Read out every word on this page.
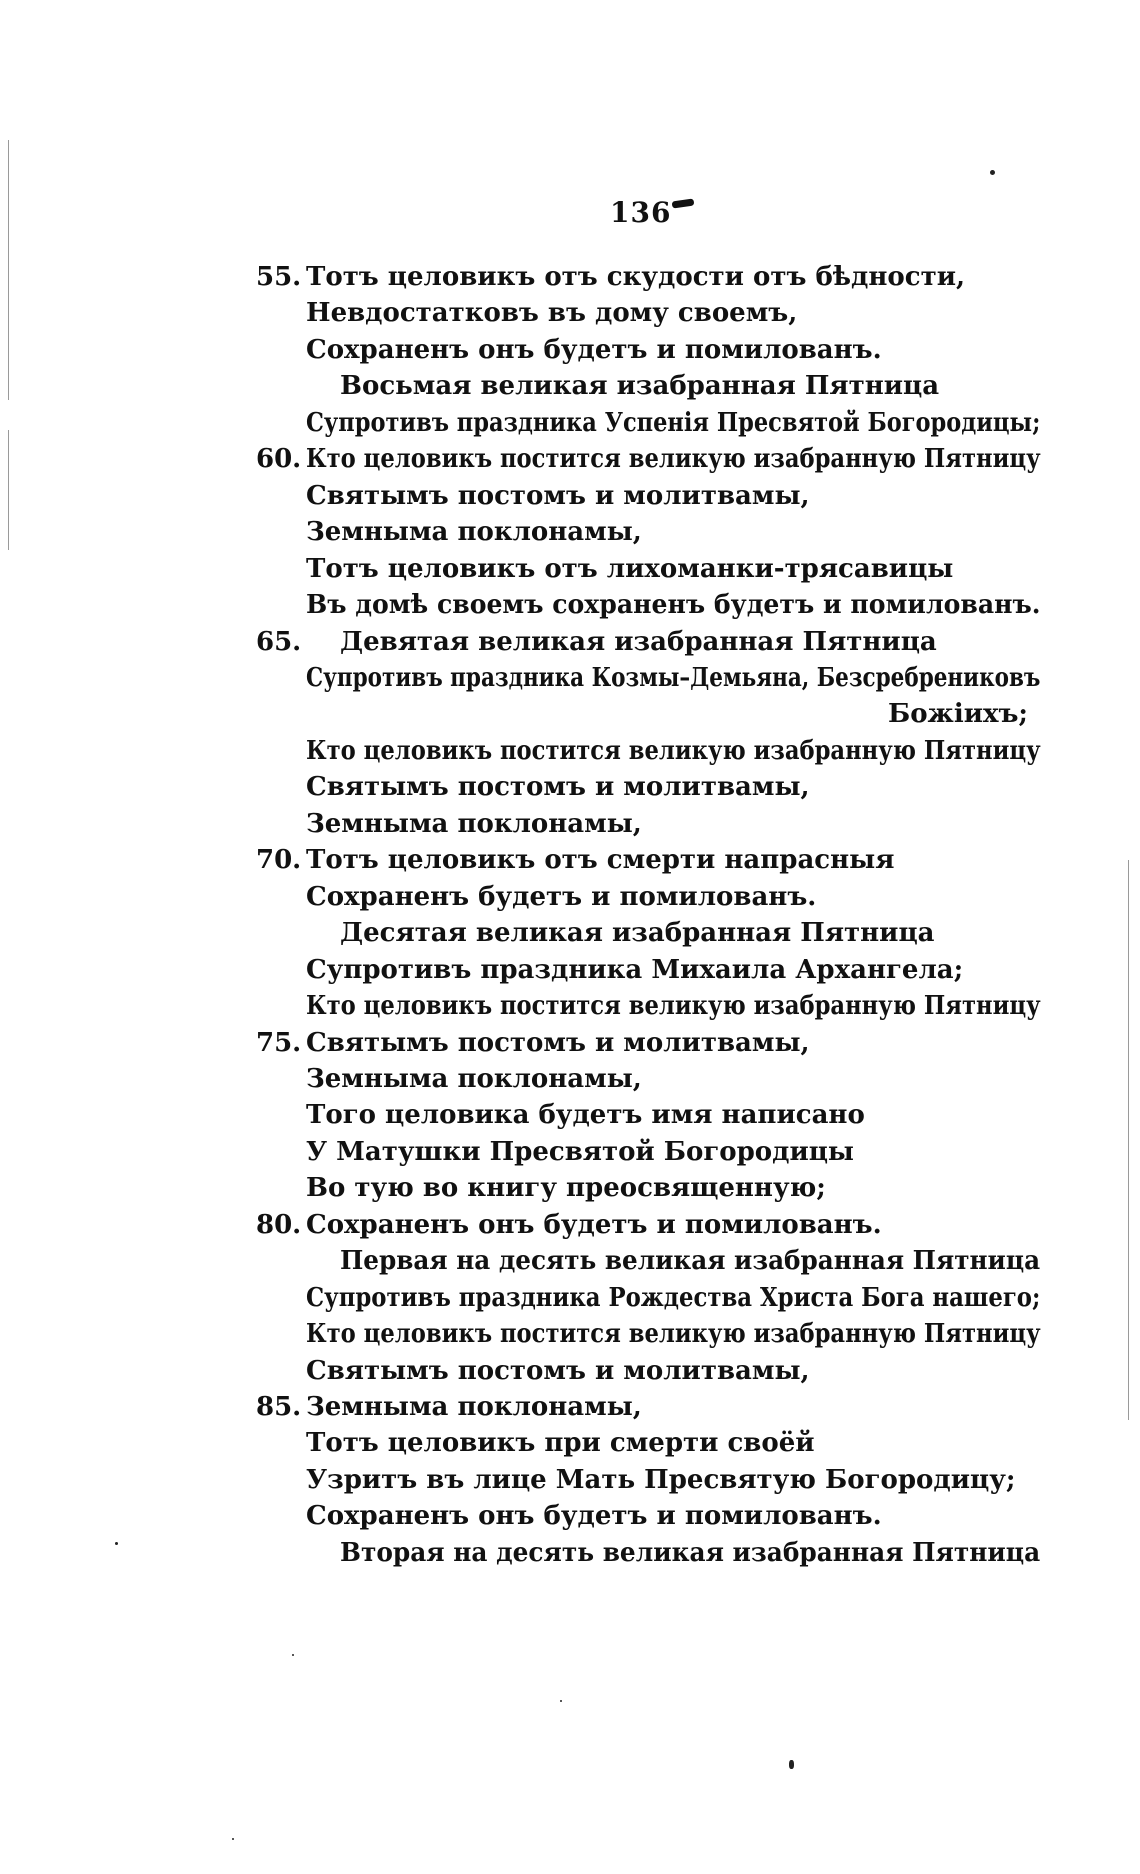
136
55. Тотъ целовикъ отъ скудости отъ бѣдности,
Невдостатковъ въ дому своемъ,
Сохраненъ онъ будетъ и помилованъ.
Восьмая великая изабранная Пятница
Супротивъ праздника Успенія Пресвятой Богородицы;
60. Кто целовикъ постится великую изабранную Пятницу
Святымъ постомъ и молитвамы,
Земныма поклонамы,
Тотъ целовикъ отъ лихоманки-трясавицы
Въ домѣ своемъ сохраненъ будетъ и помилованъ.
65. Девятая великая изабранная Пятница
Супротивъ праздника Козмы–Демьяна, Безсребрениковъ
Божіихъ;
Кто целовикъ постится великую изабранную Пятницу
Святымъ постомъ и молитвамы,
Земныма поклонамы,
70. Тотъ целовикъ отъ смерти напрасныя
Сохраненъ будетъ и помилованъ.
Десятая великая изабранная Пятница
Супротивъ праздника Михаила Архангела;
Кто целовикъ постится великую изабранную Пятницу
75. Святымъ постомъ и молитвамы,
Земныма поклонамы,
Того целовика будетъ имя написано
У Матушки Пресвятой Богородицы
Во тую во книгу преосвященную;
80. Сохраненъ онъ будетъ и помилованъ.
Первая на десять великая изабранная Пятница
Супротивъ праздника Рождества Христа Бога нашего;
Кто целовикъ постится великую изабранную Пятницу
Святымъ постомъ и молитвамы,
85. Земныма поклонамы,
Тотъ целовикъ при смерти своёй
Узритъ въ лице Мать Пресвятую Богородицу;
Сохраненъ онъ будетъ и помилованъ.
Вторая на десять великая изабранная Пятница
